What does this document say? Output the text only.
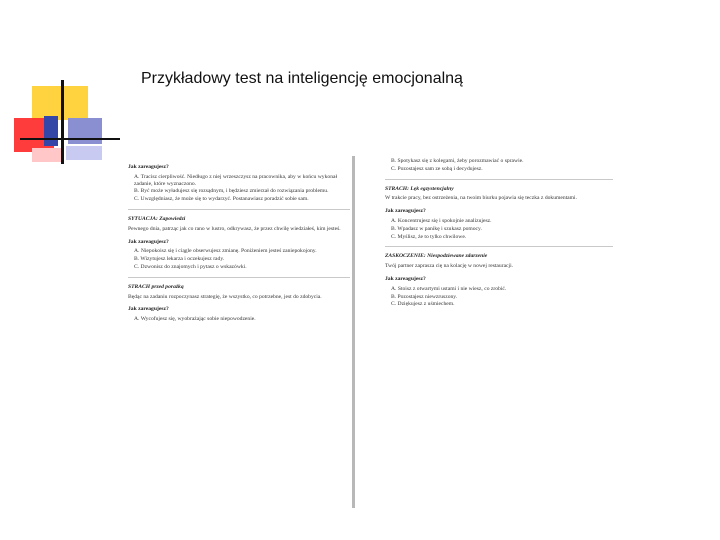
Przykładowy test na inteligencję emocjonalną
Jak zareagujesz?
A. Tracisz cierpliwość. Niedługo z niej wrzeszczysz na pracownika, aby w końcu wykonał zadanie, które wyznaczono.
B. Być może wyładujesz się rozsądnym, i będziesz zmierzał do rozwiązania problemu.
C. Uwzględniasz, że może się to wydarzyć. Postanawiasz poradzić sobie sam.
SYTUACJA: Zapowiedzi
Pewnego dnia, patrząc jak co rano w lustro, odkrywasz, że przez chwilę wiedziałeś, kim jesteś.
Jak zareagujesz?
A. Niepokoisz się i ciągle obserwujesz zmianę. Poniżeniem jesteś zaniepokojony.
B. Wizytujesz lekarza i oczekujesz rady.
C. Dzwonisz do znajomych i pytasz o wskazówki.
STRACH przed porażką
Będąc na zadaniu rozpoczynasz strategię, że wszystko, co potrzebne, jest do zdobycia.
Jak zareagujesz?
A. Wycofujesz się, wyobrażając sobie niepowodzenie.
B. Spotykasz się z kolegami, żeby porozmawiać o sprawie.
C. Pozostajesz sam ze sobą i decydujesz.
STRACH: Lęk egzystencjalny
W trakcie pracy, bez ostrzeżenia, na twoim biurku pojawia się teczka z dokumentami.
Jak zareagujesz?
A. Koncentrujesz się i spokojnie analizujesz.
B. Wpadasz w panikę i szukasz pomocy.
C. Myślisz, że to tylko chwilowe.
ZASKOCZENIE: Niespodziewane zdarzenie
Twój partner zaprasza cię na kolację w nowej restauracji.
Jak zareagujesz?
A. Stoisz z otwartymi ustami i nie wiesz, co zrobić.
B. Pozostajesz niewzruszony.
C. Dziękujesz z uśmiechem.
